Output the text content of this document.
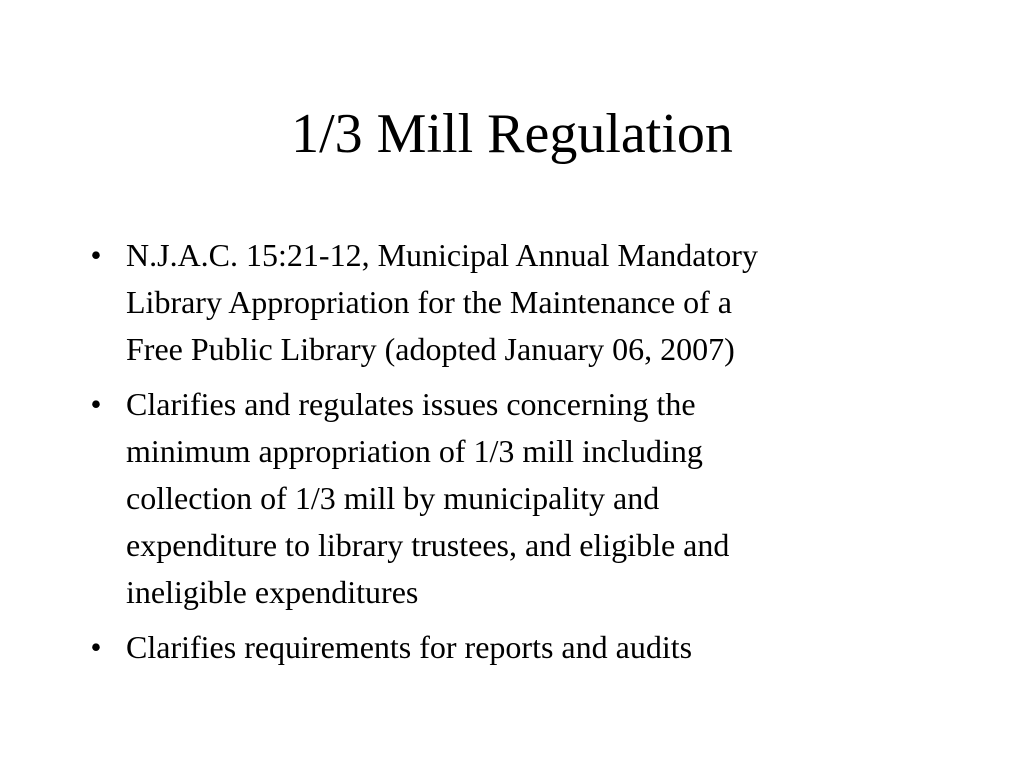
1/3 Mill Regulation
• N.J.A.C. 15:21-12, Municipal Annual Mandatory
Library Appropriation for the Maintenance of a
Free Public Library (adopted January 06, 2007)
• Clarifies and regulates issues concerning the
minimum appropriation of 1/3 mill including
collection of 1/3 mill by municipality and
expenditure to library trustees, and eligible and
ineligible expenditures
• Clarifies requirements for reports and audits
